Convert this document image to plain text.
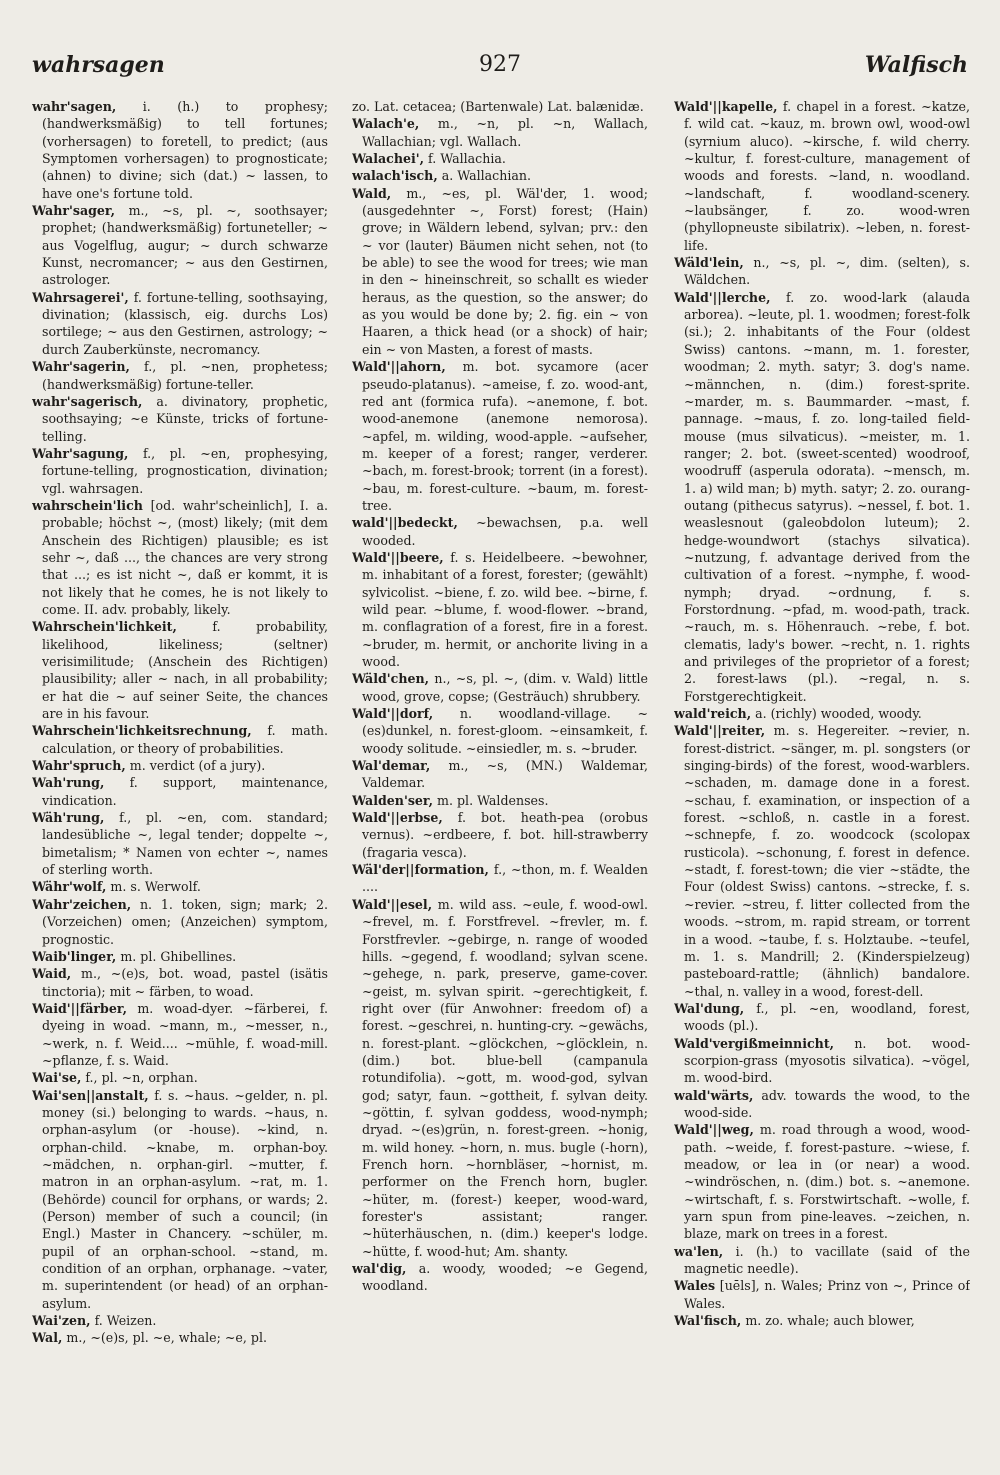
wahrsagen	927	Walfisch

wahr'sagen, i. (h.) to prophesy; (handwerksmäßig) to tell fortunes; (vorhersagen) to foretell, to predict; (aus Symptomen vorhersagen) to prognosticate; (ahnen) to divine; sich (dat.) ~ lassen, to have one's fortune told.

Wahr'sager, m., ~s, pl. ~, soothsayer; prophet; (handwerksmäßig) fortuneteller; ~ aus Vogelflug, augur; ~ durch schwarze Kunst, necromancer; ~ aus den Gestirnen, astrologer.

Wahrsagerei', f. fortune-telling, soothsaying, divination; (klassisch, eig. durchs Los) sortilege; ~ aus den Gestirnen, astrology; ~ durch Zauberkünste, necromancy.

Wahr'sagerin, f., pl. ~nen, prophetess; (handwerksmäßig) fortune-teller.

wahr'sagerisch, a. divinatory, prophetic, soothsaying; ~e Künste, tricks of fortune-telling.

Wahr'sagung, f., pl. ~en, prophesying, fortune-telling, prognostication, divination; vgl. wahrsagen.

wahrschein'lich [od. wahr'scheinlich], I. a. probable; höchst ~, (most) likely; (mit dem Anschein des Richtigen) plausible; es ist sehr ~, daß ..., the chances are very strong that ...; es ist nicht ~, daß er kommt, it is not likely that he comes, he is not likely to come. II. adv. probably, likely.

Wahrschein'lichkeit, f. probability, likelihood, likeliness; (seltner) verisimilitude; (Anschein des Richtigen) plausibility; aller ~ nach, in all probability; er hat die ~ auf seiner Seite, the chances are in his favour.

Wahrschein'lichkeitsrechnung, f. math. calculation, or theory of probabilities.

Wahr'spruch, m. verdict (of a jury).

Wah'rung, f. support, maintenance, vindication.

Wäh'rung, f., pl. ~en, com. standard; landesübliche ~, legal tender; doppelte ~, bimetalism; * Namen von echter ~, names of sterling worth.

Währ'wolf, m. s. Werwolf.

Wahr'zeichen, n. 1. token, sign; mark; 2. (Vorzeichen) omen; (Anzeichen) symptom, prognostic.

Waib'linger, m. pl. Ghibellines.

Waid, m., ~(e)s, bot. woad, pastel (isätis tinctoria); mit ~ färben, to woad.

Waid'||färber, m. woad-dyer. ~färberei, f. dyeing in woad. ~mann, m., ~messer, n., ~werk, n. f. Weid.... ~mühle, f. woad-mill. ~pflanze, f. s. Waid.

Wai'se, f., pl. ~n, orphan.

Wai'sen||anstalt, f. s. ~haus. ~gelder, n. pl. money (si.) belonging to wards. ~haus, n. orphan-asylum (or -house). ~kind, n. orphan-child. ~knabe, m. orphan-boy. ~mädchen, n. orphan-girl. ~mutter, f. matron in an orphan-asylum. ~rat, m. 1. (Behörde) council for orphans, or wards; 2. (Person) member of such a council; (in Engl.) Master in Chancery. ~schüler, m. pupil of an orphan-school. ~stand, m. condition of an orphan, orphanage. ~vater, m. superintendent (or head) of an orphan-asylum.

Wai'zen, f. Weizen.

Wal, m., ~(e)s, pl. ~e, whale; ~e, pl.

zo. Lat. cetacea; (Bartenwale) Lat. balænidæ.

Walach'e, m., ~n, pl. ~n, Wallach, Wallachian; vgl. Wallach.

Walachei', f. Wallachia.

walach'isch, a. Wallachian.

Wald, m., ~es, pl. Wäl'der, 1. wood; (ausgedehnter ~, Forst) forest; (Hain) grove; in Wäldern lebend, sylvan; prv.: den ~ vor (lauter) Bäumen nicht sehen, not (to be able) to see the wood for trees; wie man in den ~ hineinschreit, so schallt es wieder heraus, as the question, so the answer; do as you would be done by; 2. fig. ein ~ von Haaren, a thick head (or a shock) of hair; ein ~ von Masten, a forest of masts.

Wald'||ahorn, m. bot. sycamore (acer pseudo-platanus). ~ameise, f. zo. wood-ant, red ant (formica rufa). ~anemone, f. bot. wood-anemone (anemone nemorosa). ~apfel, m. wilding, wood-apple. ~aufseher, m. keeper of a forest; ranger, verderer. ~bach, m. forest-brook; torrent (in a forest). ~bau, m. forest-culture. ~baum, m. forest-tree.

wald'||bedeckt, ~bewachsen, p.a. well wooded.

Wald'||beere, f. s. Heidelbeere. ~bewohner, m. inhabitant of a forest, forester; (gewählt) sylvicolist. ~biene, f. zo. wild bee. ~birne, f. wild pear. ~blume, f. wood-flower. ~brand, m. conflagration of a forest, fire in a forest. ~bruder, m. hermit, or anchorite living in a wood.

Wäld'chen, n., ~s, pl. ~, (dim. v. Wald) little wood, grove, copse; (Gesträuch) shrubbery.

Wald'||dorf, n. woodland-village. ~(es)dunkel, n. forest-gloom. ~einsamkeit, f. woody solitude. ~einsiedler, m. s. ~bruder.

Wal'demar, m., ~s, (MN.) Waldemar, Valdemar.

Walden'ser, m. pl. Waldenses.

Wald'||erbse, f. bot. heath-pea (orobus vernus). ~erdbeere, f. bot. hill-strawberry (fragaria vesca).

Wäl'der||formation, f., ~thon, m. f. Wealden ....

Wald'||esel, m. wild ass. ~eule, f. wood-owl. ~frevel, m. f. Forstfrevel. ~frevler, m. f. Forstfrevler. ~gebirge, n. range of wooded hills. ~gegend, f. woodland; sylvan scene. ~gehege, n. park, preserve, game-cover. ~geist, m. sylvan spirit. ~gerechtigkeit, f. right over (für Anwohner: freedom of) a forest. ~geschrei, n. hunting-cry. ~gewächs, n. forest-plant. ~glöckchen, ~glöcklein, n. (dim.) bot. blue-bell (campanula rotundifolia). ~gott, m. wood-god, sylvan god; satyr, faun. ~gottheit, f. sylvan deity. ~göttin, f. sylvan goddess, wood-nymph; dryad. ~(es)grün, n. forest-green. ~honig, m. wild honey. ~horn, n. mus. bugle (-horn), French horn. ~hornbläser, ~hornist, m. performer on the French horn, bugler. ~hüter, m. (forest-) keeper, wood-ward, forester's assistant; ranger. ~hüterhäuschen, n. (dim.) keeper's lodge. ~hütte, f. wood-hut; Am. shanty.

wal'dig, a. woody, wooded; ~e Gegend, woodland.

Wald'||kapelle, f. chapel in a forest. ~katze, f. wild cat. ~kauz, m. brown owl, wood-owl (syrnium aluco). ~kirsche, f. wild cherry. ~kultur, f. forest-culture, management of woods and forests. ~land, n. woodland. ~landschaft, f. woodland-scenery. ~laubsänger, f. zo. wood-wren (phyllopneuste sibilatrix). ~leben, n. forest-life.

Wäld'lein, n., ~s, pl. ~, dim. (selten), s. Wäldchen.

Wald'||lerche, f. zo. wood-lark (alauda arborea). ~leute, pl. 1. woodmen; forest-folk (si.); 2. inhabitants of the Four (oldest Swiss) cantons. ~mann, m. 1. forester, woodman; 2. myth. satyr; 3. dog's name. ~männchen, n. (dim.) forest-sprite. ~marder, m. s. Baummarder. ~mast, f. pannage. ~maus, f. zo. long-tailed field-mouse (mus silvaticus). ~meister, m. 1. ranger; 2. bot. (sweet-scented) woodroof, woodruff (asperula odorata). ~mensch, m. 1. a) wild man; b) myth. satyr; 2. zo. ourang-outang (pithecus satyrus). ~nessel, f. bot. 1. weaslesnout (galeobdolon luteum); 2. hedge-woundwort (stachys silvatica). ~nutzung, f. advantage derived from the cultivation of a forest. ~nymphe, f. wood-nymph; dryad. ~ordnung, f. s. Forstordnung. ~pfad, m. wood-path, track. ~rauch, m. s. Höhenrauch. ~rebe, f. bot. clematis, lady's bower. ~recht, n. 1. rights and privileges of the proprietor of a forest; 2. forest-laws (pl.). ~regal, n. s. Forstgerechtigkeit.

wald'reich, a. (richly) wooded, woody.

Wald'||reiter, m. s. Hegereiter. ~revier, n. forest-district. ~sänger, m. pl. songsters (or singing-birds) of the forest, wood-warblers. ~schaden, m. damage done in a forest. ~schau, f. examination, or inspection of a forest. ~schloß, n. castle in a forest. ~schnepfe, f. zo. woodcock (scolopax rusticola). ~schonung, f. forest in defence. ~stadt, f. forest-town; die vier ~städte, the Four (oldest Swiss) cantons. ~strecke, f. s. ~revier. ~streu, f. litter collected from the woods. ~strom, m. rapid stream, or torrent in a wood. ~taube, f. s. Holztaube. ~teufel, m. 1. s. Mandrill; 2. (Kinderspielzeug) pasteboard-rattle; (ähnlich) bandalore. ~thal, n. valley in a wood, forest-dell.

Wal'dung, f., pl. ~en, woodland, forest, woods (pl.).

Wald'vergißmeinnicht, n. bot. wood-scorpion-grass (myosotis silvatica). ~vögel, m. wood-bird.

wald'wärts, adv. towards the wood, to the wood-side.

Wald'||weg, m. road through a wood, wood-path. ~weide, f. forest-pasture. ~wiese, f. meadow, or lea in (or near) a wood. ~windröschen, n. (dim.) bot. s. ~anemone. ~wirtschaft, f. s. Forstwirtschaft. ~wolle, f. yarn spun from pine-leaves. ~zeichen, n. blaze, mark on trees in a forest.

wa'len, i. (h.) to vacillate (said of the magnetic needle).

Wales [uēls], n. Wales; Prinz von ~, Prince of Wales.

Wal'fisch, m. zo. whale; auch blower,
